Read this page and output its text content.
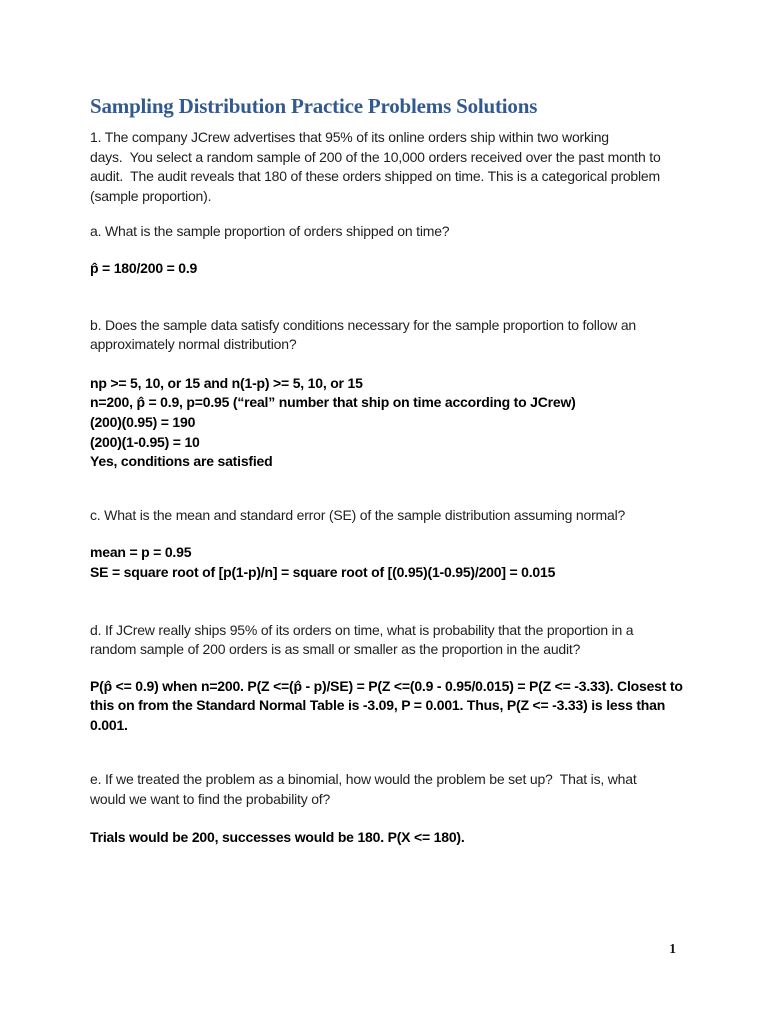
Sampling Distribution Practice Problems Solutions
1. The company JCrew advertises that 95% of its online orders ship within two working
days.  You select a random sample of 200 of the 10,000 orders received over the past month to
audit.  The audit reveals that 180 of these orders shipped on time. This is a categorical problem
(sample proportion).
a. What is the sample proportion of orders shipped on time?
p̂ = 180/200 = 0.9
b. Does the sample data satisfy conditions necessary for the sample proportion to follow an
approximately normal distribution?
np >= 5, 10, or 15 and n(1-p) >= 5, 10, or 15
n=200, p̂ = 0.9, p=0.95 (“real” number that ship on time according to JCrew)
(200)(0.95) = 190
(200)(1-0.95) = 10
Yes, conditions are satisfied
c. What is the mean and standard error (SE) of the sample distribution assuming normal?
mean = p = 0.95
SE = square root of [p(1-p)/n] = square root of [(0.95)(1-0.95)/200] = 0.015
d. If JCrew really ships 95% of its orders on time, what is probability that the proportion in a
random sample of 200 orders is as small or smaller as the proportion in the audit?
P(p̂ <= 0.9) when n=200. P(Z <=(p̂ - p)/SE) = P(Z <=(0.9 - 0.95/0.015) = P(Z <= -3.33). Closest to
this on from the Standard Normal Table is -3.09, P = 0.001. Thus, P(Z <= -3.33) is less than
0.001.
e. If we treated the problem as a binomial, how would the problem be set up?  That is, what
would we want to find the probability of?
Trials would be 200, successes would be 180. P(X <= 180).
1
